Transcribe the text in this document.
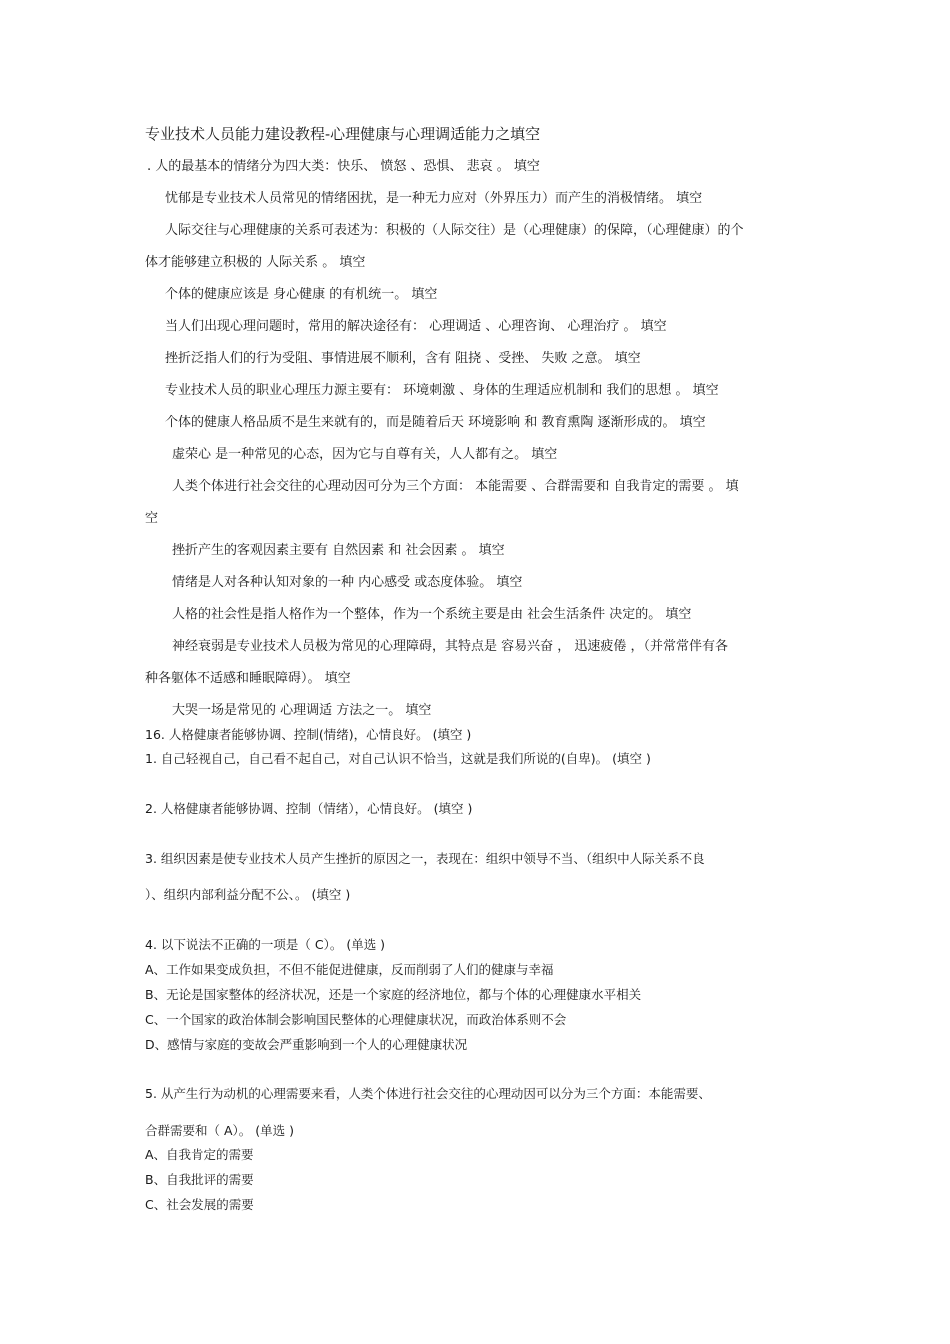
专业技术人员能力建设教程-心理健康与心理调适能力之填空
. 人的最基本的情绪分为四大类：快乐、 愤怒 、恐惧、 悲哀 。 填空
忧郁是专业技术人员常见的情绪困扰，是一种无力应对（外界压力）而产生的消极情绪。 填空
人际交往与心理健康的关系可表述为：积极的（人际交往）是（心理健康）的保障，（心理健康）的个
体才能够建立积极的 人际关系 。 填空
个体的健康应该是 身心健康 的有机统一。 填空
当人们出现心理问题时，常用的解决途径有： 心理调适 、心理咨询、 心理治疗 。 填空
挫折泛指人们的行为受阻、事情进展不顺利，含有 阻挠 、受挫、 失败 之意。 填空
专业技术人员的职业心理压力源主要有： 环境刺激 、身体的生理适应机制和 我们的思想 。 填空
个体的健康人格品质不是生来就有的，而是随着后天 环境影响 和 教育熏陶 逐渐形成的。 填空
虚荣心 是一种常见的心态，因为它与自尊有关，人人都有之。 填空
人类个体进行社会交往的心理动因可分为三个方面： 本能需要 、合群需要和 自我肯定的需要 。 填
空
挫折产生的客观因素主要有 自然因素 和 社会因素 。 填空
情绪是人对各种认知对象的一种 内心感受 或态度体验。 填空
人格的社会性是指人格作为一个整体，作为一个系统主要是由 社会生活条件 决定的。 填空
神经衰弱是专业技术人员极为常见的心理障碍，其特点是 容易兴奋 ， 迅速疲倦 ，（并常常伴有各
种各躯体不适感和睡眠障碍）。 填空
大哭一场是常见的 心理调适 方法之一。 填空
16. 人格健康者能够协调、控制(情绪)，心情良好。 (填空 )
1. 自己轻视自己，自己看不起自己，对自己认识不恰当，这就是我们所说的(自卑)。 (填空 )
2. 人格健康者能够协调、控制（情绪），心情良好。 (填空 )
3. 组织因素是使专业技术人员产生挫折的原因之一，表现在：组织中领导不当、（组织中人际关系不良
）、组织内部利益分配不公、。 (填空 )
4. 以下说法不正确的一项是（ C）。 (单选 )
A、工作如果变成负担，不但不能促进健康，反而削弱了人们的健康与幸福
B、无论是国家整体的经济状况，还是一个家庭的经济地位，都与个体的心理健康水平相关
C、一个国家的政治体制会影响国民整体的心理健康状况，而政治体系则不会
D、感情与家庭的变故会严重影响到一个人的心理健康状况
5. 从产生行为动机的心理需要来看，人类个体进行社会交往的心理动因可以分为三个方面：本能需要、
合群需要和（ A）。 (单选 )
A、自我肯定的需要
B、自我批评的需要
C、社会发展的需要
